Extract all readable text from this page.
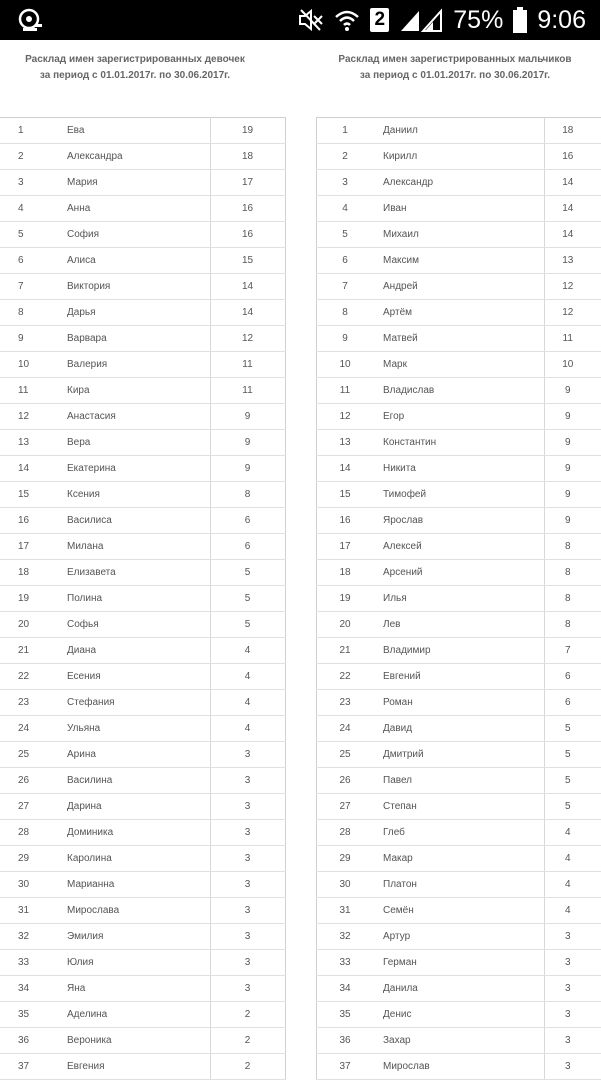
2	75% 9:06
Расклад имен зарегистрированных девочек
за период с 01.01.2017г. по 30.06.2017г.
Расклад имен зарегистрированных мальчиков
за период с 01.01.2017г. по 30.06.2017г.
1	Ева	19
2	Александра	18
3	Мария	17
4	Анна	16
5	София	16
6	Алиса	15
7	Виктория	14
8	Дарья	14
9	Варвара	12
10	Валерия	11
11	Кира	11
12	Анастасия	9
13	Вера	9
14	Екатерина	9
15	Ксения	8
16	Василиса	6
17	Милана	6
18	Елизавета	5
19	Полина	5
20	Софья	5
21	Диана	4
22	Есения	4
23	Стефания	4
24	Ульяна	4
25	Арина	3
26	Василина	3
27	Дарина	3
28	Доминика	3
29	Каролина	3
30	Марианна	3
31	Мирослава	3
32	Эмилия	3
33	Юлия	3
34	Яна	3
35	Аделина	2
36	Вероника	2
37	Евгения	2
1	Даниил	18
2	Кирилл	16
3	Александр	14
4	Иван	14
5	Михаил	14
6	Максим	13
7	Андрей	12
8	Артём	12
9	Матвей	11
10	Марк	10
11	Владислав	9
12	Егор	9
13	Константин	9
14	Никита	9
15	Тимофей	9
16	Ярослав	9
17	Алексей	8
18	Арсений	8
19	Илья	8
20	Лев	8
21	Владимир	7
22	Евгений	6
23	Роман	6
24	Давид	5
25	Дмитрий	5
26	Павел	5
27	Степан	5
28	Глеб	4
29	Макар	4
30	Платон	4
31	Семён	4
32	Артур	3
33	Герман	3
34	Данила	3
35	Денис	3
36	Захар	3
37	Мирослав	3
